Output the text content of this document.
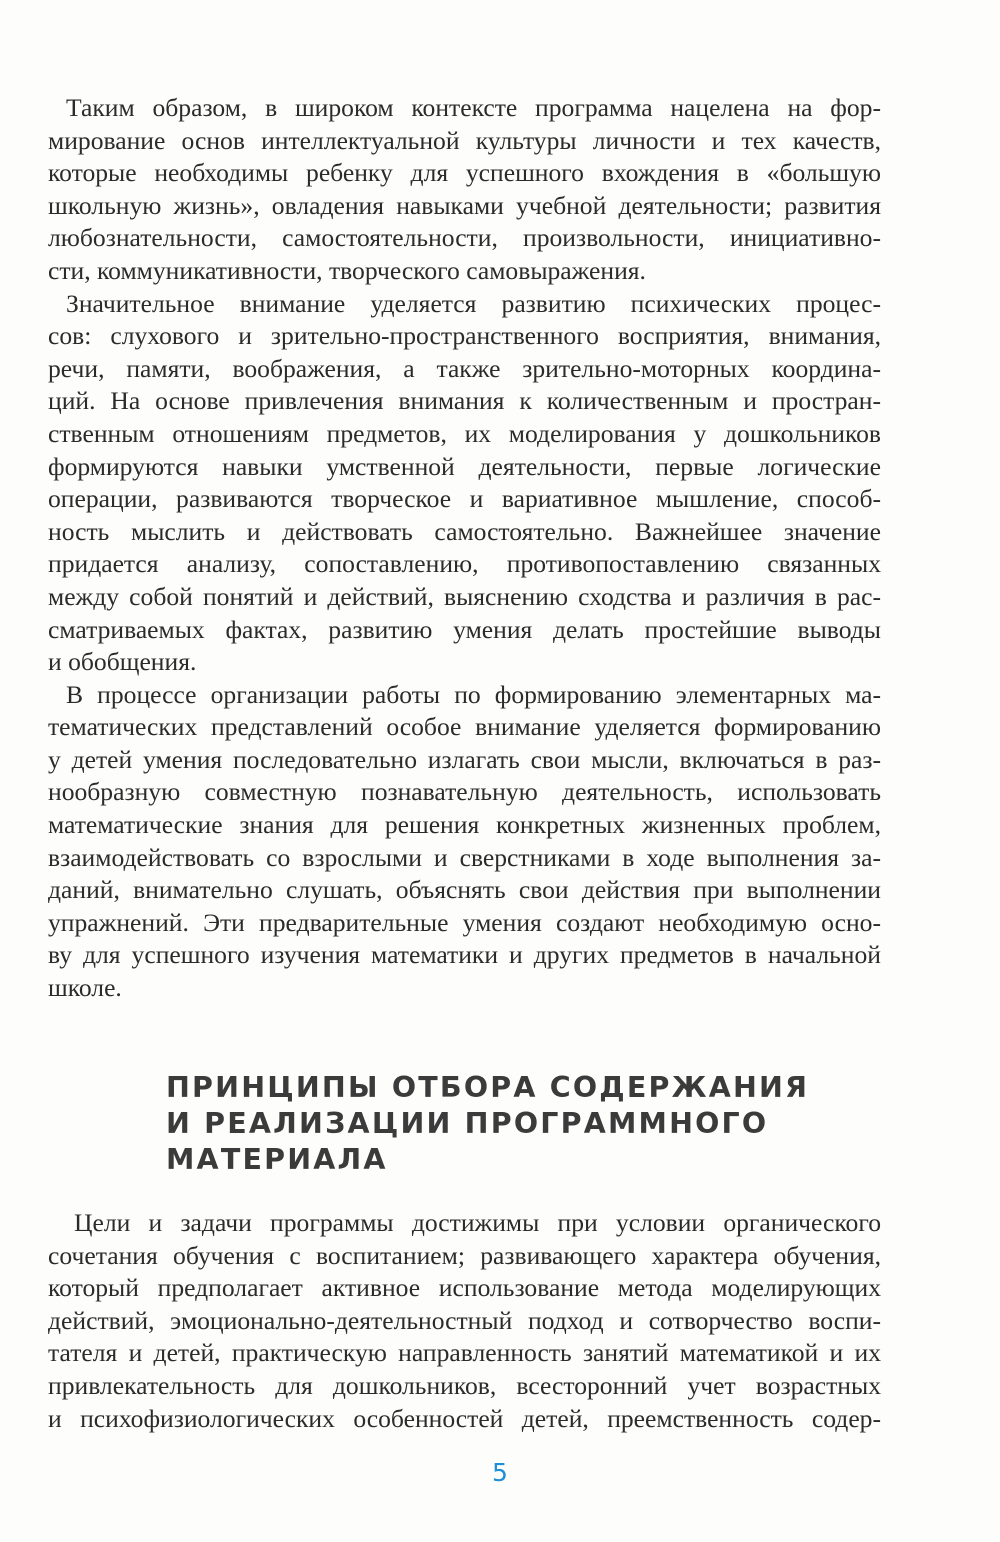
Таким образом, в широком контексте программа нацелена на фор-
мирование основ интеллектуальной культуры личности и тех качеств,
которые необходимы ребенку для успешного вхождения в «большую
школьную жизнь», овладения навыками учебной деятельности; развития
любознательности, самостоятельности, произвольности, инициативно-
сти, коммуникативности, творческого самовыражения.
Значительное внимание уделяется развитию психических процес-
сов: слухового и зрительно-пространственного восприятия, внимания,
речи, памяти, воображения, а также зрительно-моторных координа-
ций. На основе привлечения внимания к количественным и простран-
ственным отношениям предметов, их моделирования у дошкольников
формируются навыки умственной деятельности, первые логические
операции, развиваются творческое и вариативное мышление, способ-
ность мыслить и действовать самостоятельно. Важнейшее значение
придается анализу, сопоставлению, противопоставлению связанных
между собой понятий и действий, выяснению сходства и различия в рас-
сматриваемых фактах, развитию умения делать простейшие выводы
и обобщения.
В процессе организации работы по формированию элементарных ма-
тематических представлений особое внимание уделяется формированию
у детей умения последовательно излагать свои мысли, включаться в раз-
нообразную совместную познавательную деятельность, использовать
математические знания для решения конкретных жизненных проблем,
взаимодействовать со взрослыми и сверстниками в ходе выполнения за-
даний, внимательно слушать, объяснять свои действия при выполнении
упражнений. Эти предварительные умения создают необходимую осно-
ву для успешного изучения математики и других предметов в начальной
школе.
ПРИНЦИПЫ ОТБОРА СОДЕРЖАНИЯ
И РЕАЛИЗАЦИИ ПРОГРАММНОГО
МАТЕРИАЛА
Цели и задачи программы достижимы при условии органического
сочетания обучения с воспитанием; развивающего характера обучения,
который предполагает активное использование метода моделирующих
действий, эмоционально-деятельностный подход и сотворчество воспи-
тателя и детей, практическую направленность занятий математикой и их
привлекательность для дошкольников, всесторонний учет возрастных
и психофизиологических особенностей детей, преемственность содер-
5
